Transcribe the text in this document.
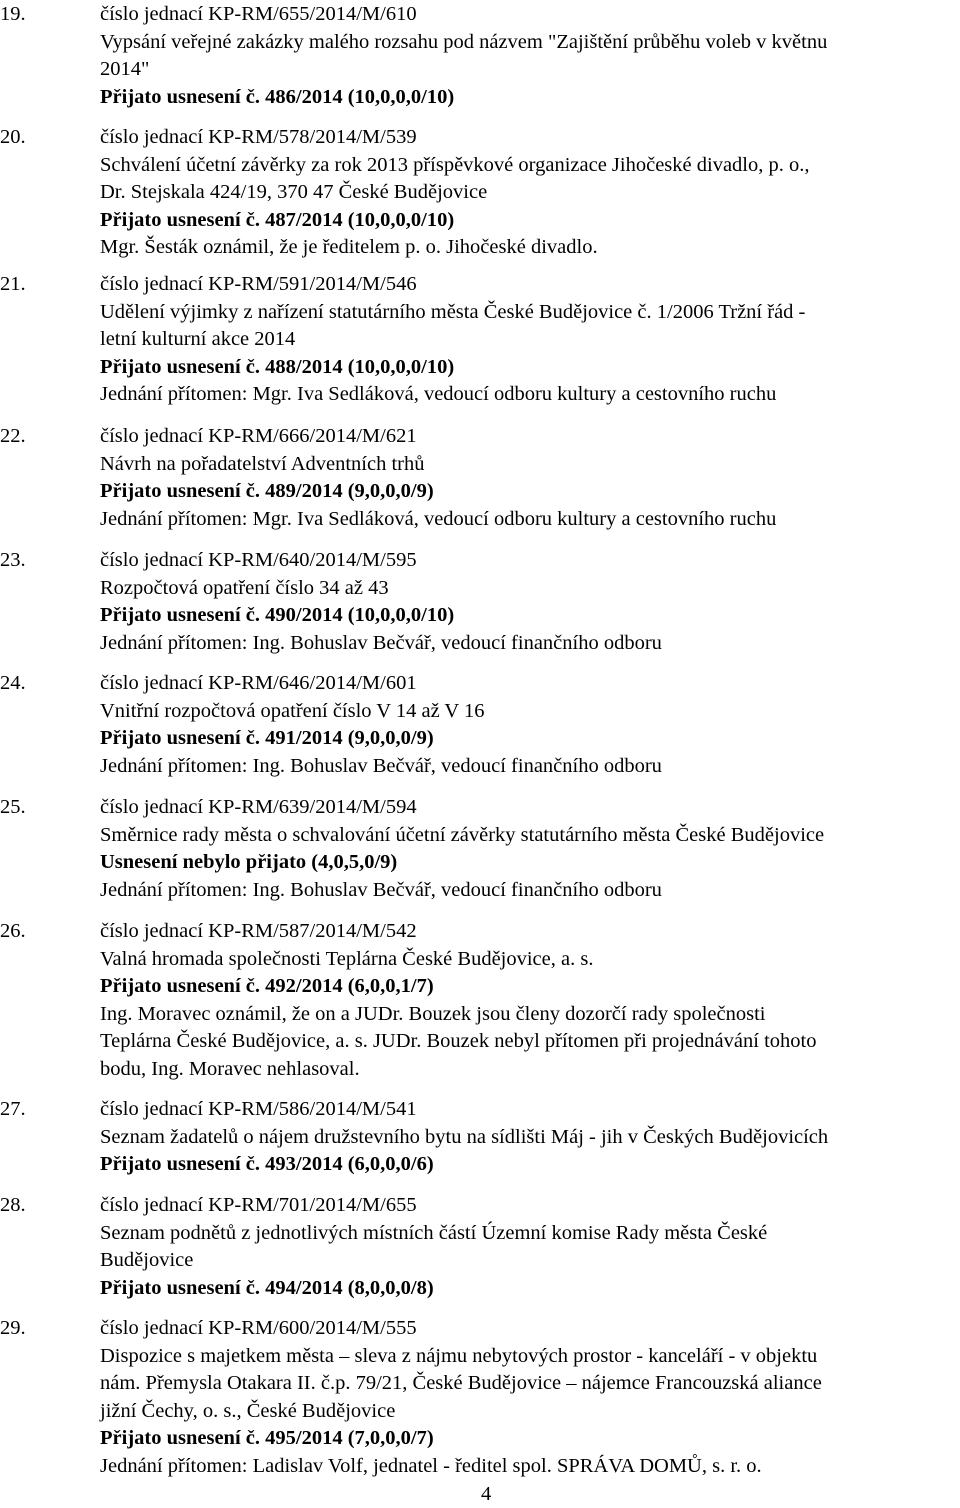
19.	číslo jednací KP-RM/655/2014/M/610
Vypsání veřejné zakázky malého rozsahu pod názvem "Zajištění průběhu voleb v květnu
2014"
Přijato usnesení č. 486/2014 (10,0,0,0/10)
20.	číslo jednací KP-RM/578/2014/M/539
Schválení účetní závěrky za rok 2013 příspěvkové organizace Jihočeské divadlo, p. o.,
Dr. Stejskala 424/19, 370 47 České Budějovice
Přijato usnesení č. 487/2014 (10,0,0,0/10)
Mgr. Šesták oznámil, že je ředitelem p. o. Jihočeské divadlo.
21.	číslo jednací KP-RM/591/2014/M/546
Udělení výjimky z nařízení statutárního města České Budějovice č. 1/2006 Tržní řád -
letní kulturní akce 2014
Přijato usnesení č. 488/2014 (10,0,0,0/10)
Jednání přítomen: Mgr. Iva Sedláková, vedoucí odboru kultury a cestovního ruchu
22.	číslo jednací KP-RM/666/2014/M/621
Návrh na pořadatelství Adventních trhů
Přijato usnesení č. 489/2014 (9,0,0,0/9)
Jednání přítomen: Mgr. Iva Sedláková, vedoucí odboru kultury a cestovního ruchu
23.	číslo jednací KP-RM/640/2014/M/595
Rozpočtová opatření číslo 34 až 43
Přijato usnesení č. 490/2014 (10,0,0,0/10)
Jednání přítomen: Ing. Bohuslav Bečvář, vedoucí finančního odboru
24.	číslo jednací KP-RM/646/2014/M/601
Vnitřní rozpočtová opatření číslo V 14 až V 16
Přijato usnesení č. 491/2014 (9,0,0,0/9)
Jednání přítomen: Ing. Bohuslav Bečvář, vedoucí finančního odboru
25.	číslo jednací KP-RM/639/2014/M/594
Směrnice rady města o schvalování účetní závěrky statutárního města České Budějovice
Usnesení nebylo přijato (4,0,5,0/9)
Jednání přítomen: Ing. Bohuslav Bečvář, vedoucí finančního odboru
26.	číslo jednací KP-RM/587/2014/M/542
Valná hromada společnosti Teplárna České Budějovice, a. s.
Přijato usnesení č. 492/2014 (6,0,0,1/7)
Ing. Moravec oznámil, že on a JUDr. Bouzek jsou členy dozorčí rady společnosti
Teplárna České Budějovice, a. s. JUDr. Bouzek nebyl přítomen při projednávání tohoto
bodu, Ing. Moravec nehlasoval.
27.	číslo jednací KP-RM/586/2014/M/541
Seznam žadatelů o nájem družstevního bytu na sídlišti Máj - jih v Českých Budějovicích
Přijato usnesení č. 493/2014 (6,0,0,0/6)
28.	číslo jednací KP-RM/701/2014/M/655
Seznam podnětů z jednotlivých místních částí Územní komise Rady města České
Budějovice
Přijato usnesení č. 494/2014 (8,0,0,0/8)
29.	číslo jednací KP-RM/600/2014/M/555
Dispozice s majetkem města – sleva z nájmu nebytových prostor - kanceláří - v objektu
nám. Přemysla Otakara II. č.p. 79/21, České Budějovice – nájemce Francouzská aliance
jižní Čechy, o. s., České Budějovice
Přijato usnesení č. 495/2014 (7,0,0,0/7)
Jednání přítomen: Ladislav Volf, jednatel - ředitel spol. SPRÁVA DOMŮ, s. r. o.
4
